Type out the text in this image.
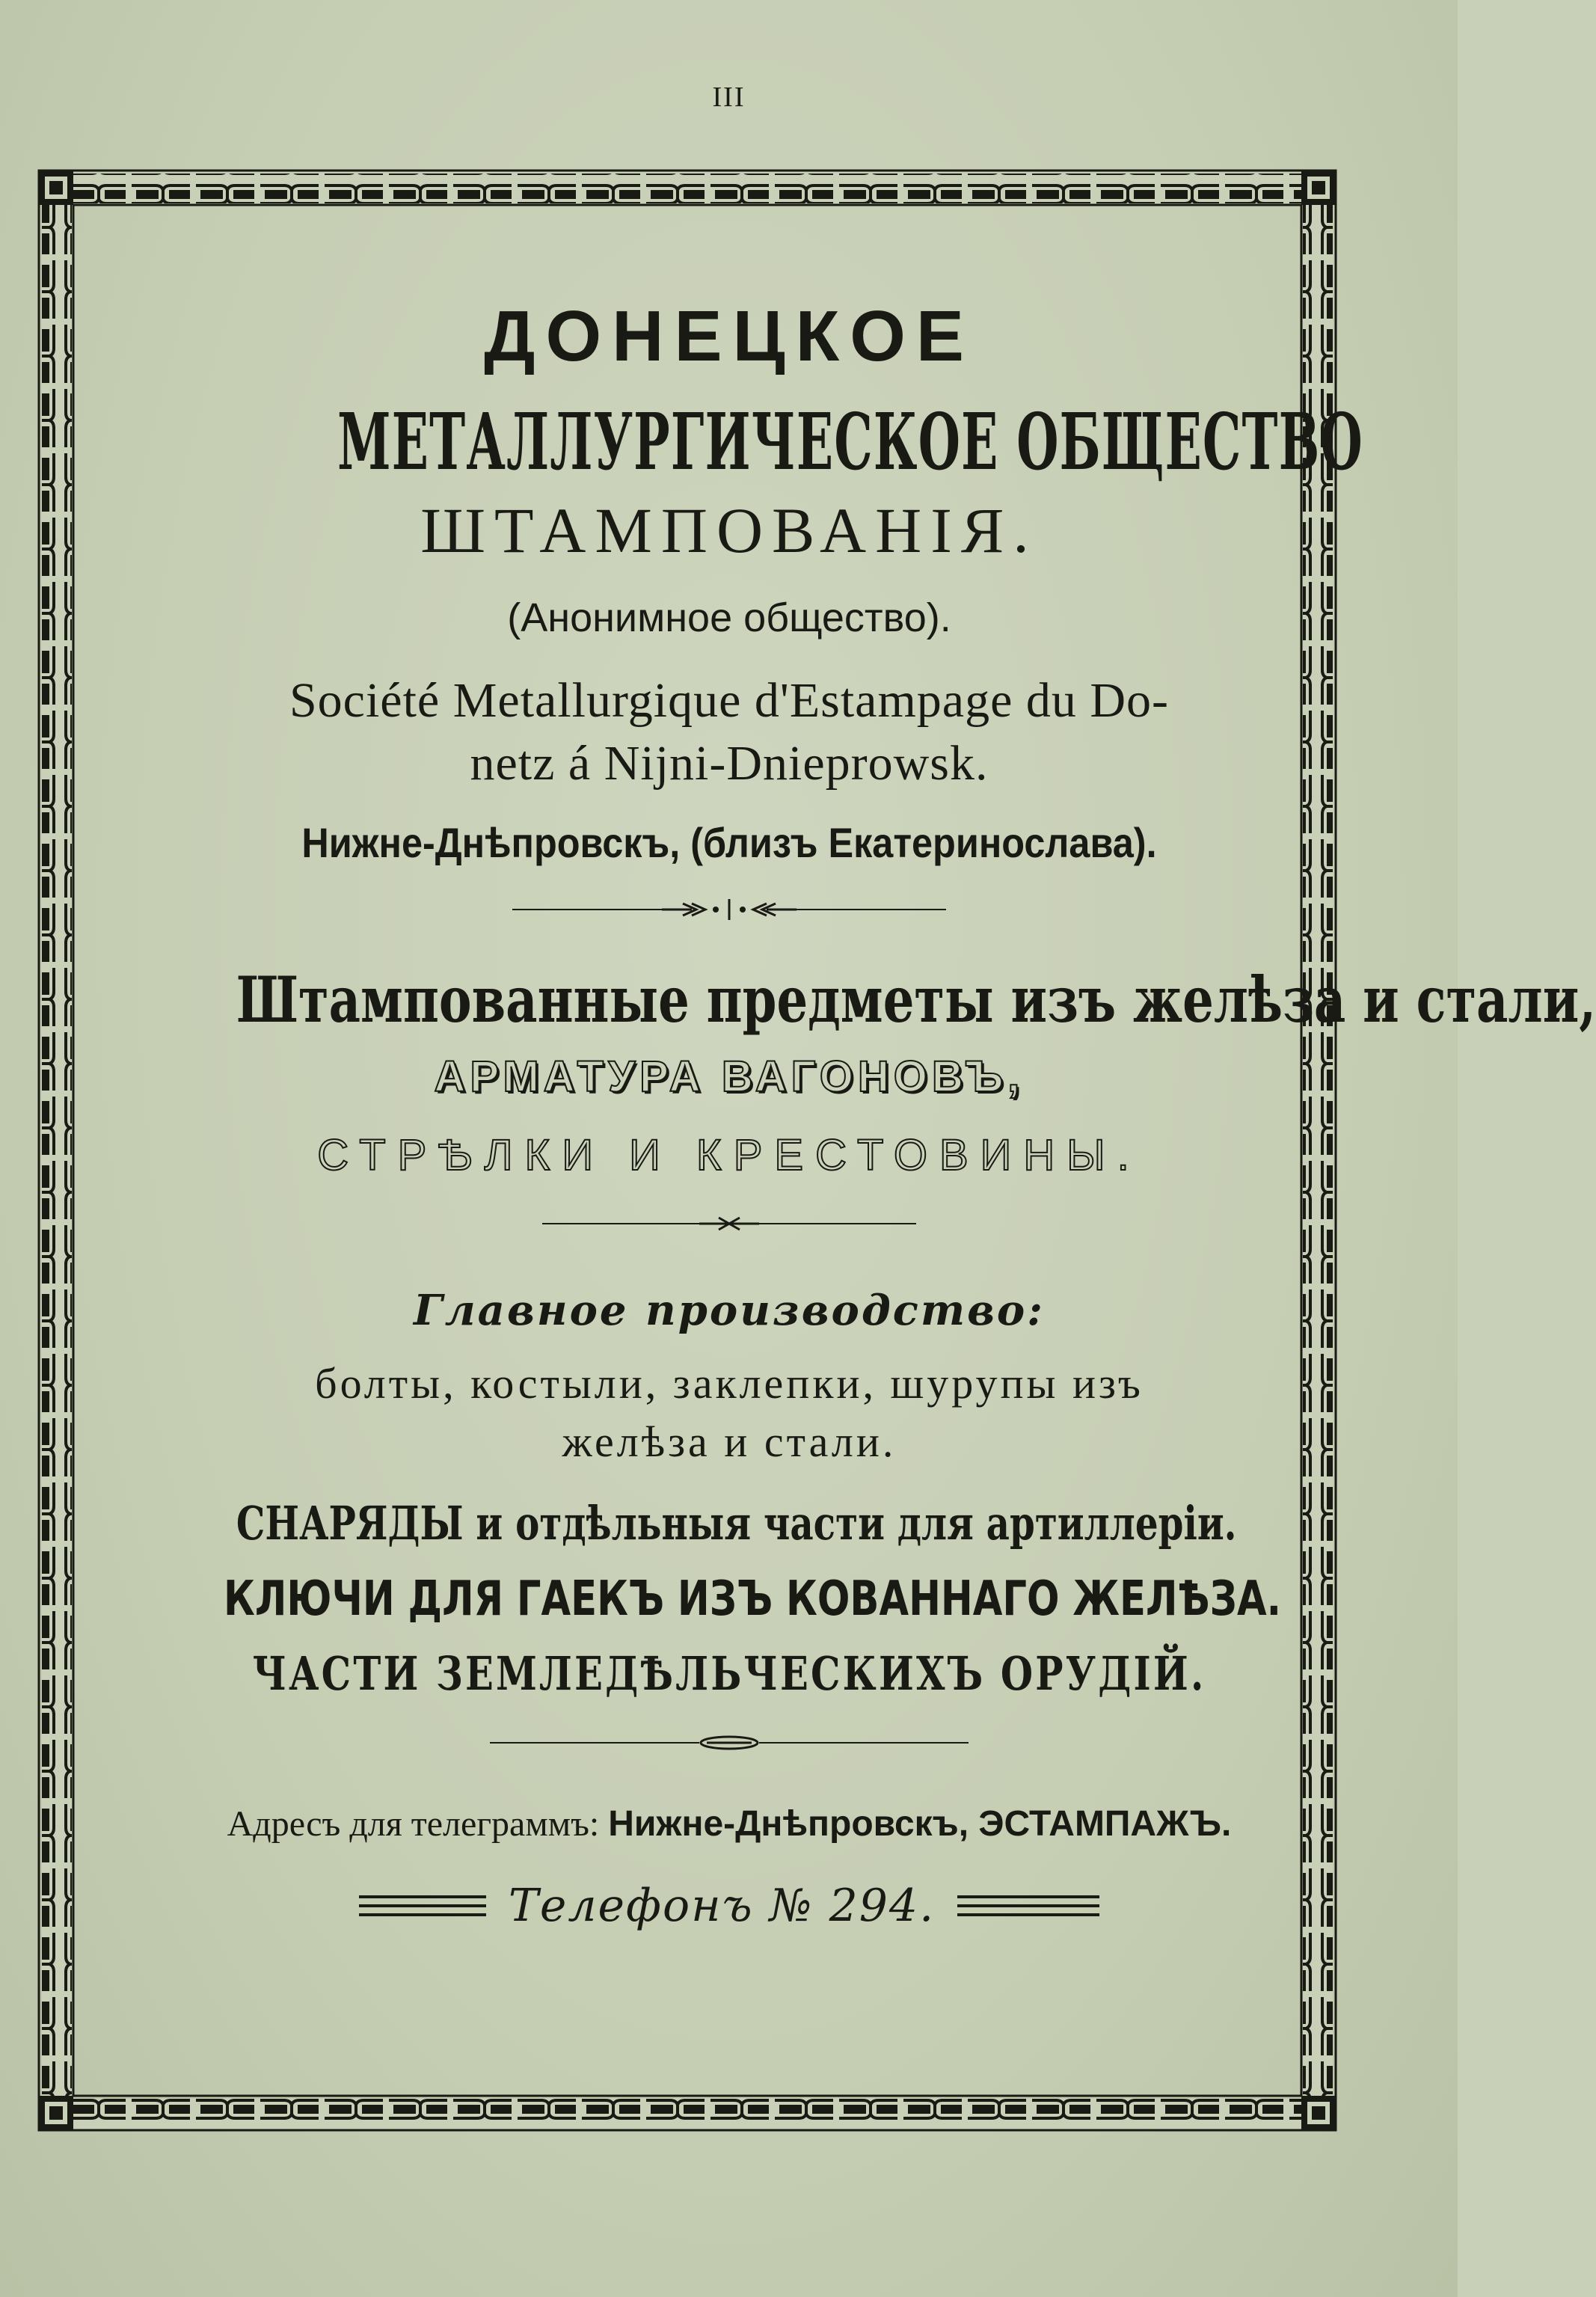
III
ДОНЕЦКОЕ
МЕТАЛЛУРГИЧЕСКОЕ ОБЩЕСТВО
ШТАМПОВАНІЯ.
(Анонимное общество).
Société Metallurgique d'Estampage du Do-
netz á Nijni-Dnieprowsk.
Нижне-Днѣпровскъ, (близъ Екатеринослава).
Штампованные предметы изъ желѣза и стали,
АРМАТУРА ВАГОНОВЪ,
СТРѢЛКИ И КРЕСТОВИНЫ.
Главное производство:
болты, костыли, заклепки, шурупы изъ
желѣза и стали.
СНАРЯДЫ и отдѣльныя части для артиллеріи.
КЛЮЧИ ДЛЯ ГАЕКЪ ИЗЪ КОВАННАГО ЖЕЛѢЗА.
ЧАСТИ ЗЕМЛЕДѢЛЬЧЕСКИХЪ ОРУДІЙ.
Адресъ для телеграммъ: Нижне-Днѣпровскъ, ЭСТАМПАЖЪ.
Телефонъ № 294.
